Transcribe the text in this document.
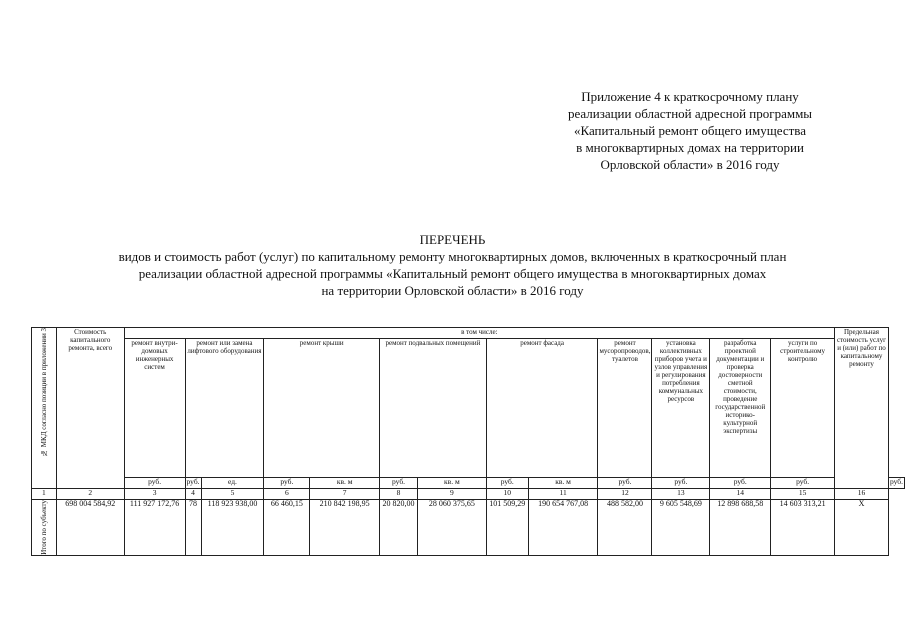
Приложение 4 к краткосрочному плану
реализации областной адресной программы
«Капитальный ремонт общего имущества
в многоквартирных домах на территории
Орловской области» в 2016 году
ПЕРЕЧЕНЬ
видов и стоимость работ (услуг) по капитальному ремонту многоквартирных домов, включенных в краткосрочный план
реализации областной адресной программы «Капитальный ремонт общего имущества в многоквартирных домах
на территории Орловской области» в 2016 году
№ МКД согласно позиции в приложении 3	Стоимость капитального ремонта, всего	в том числе:													Предельная стоимость услуг и (или) работ по капитальному ремонту	
		ремонт внутри-домовых инженерных систем	ремонт или замена лифтового оборудования		ремонт крыши		ремонт подвальных помещений		ремонт фасада		ремонт мусоропроводов, туалетов	установка коллективных приборов учета и узлов управления и регулирования потребления коммунальных ресурсов	разработка проектной документации и проверка достоверности сметной стоимости, проведение государственной историко-культурной экспертизы	услуги по строительному контролю		
		руб.	руб.	ед.	руб.	кв. м	руб.	кв. м	руб.	кв. м	руб.	руб.	руб.	руб.		руб.
1	2	3	4	5	6	7	8	9	10	11	12	13	14	15	16	

Итого по субъекту	698 004 584,92	111 927 172,76	78	118 923 938,00	66 460,15	210 842 198,95	20 820,00	28 060 375,65	101 509,29	190 654 767,08	488 582,00	9 605 548,69	12 898 688,58	14 603 313,21	Х	
